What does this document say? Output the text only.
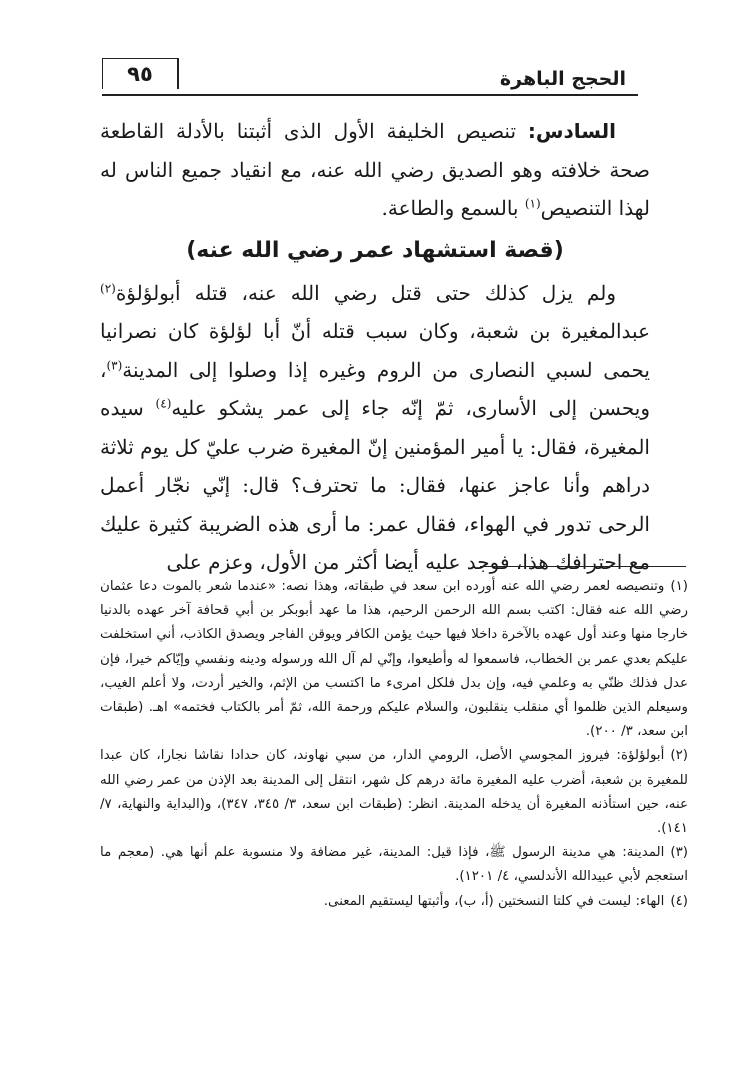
٩٥	الحجج الباهرة

السادس: تنصيص الخليفة الأول الذى أثبتنا بالأدلة القاطعة صحة خلافته وهو الصديق رضي الله عنه، مع انقياد جميع الناس له لهذا التنصيص$^{(١)}$ بالسمع والطاعة.

(قصة استشهاد عمر رضي الله عنه)

ولم يزل كذلك حتى قتل رضي الله عنه، قتله أبولؤلؤة$^{(٢)}$ عبدالمغيرة بن شعبة، وكان سبب قتله أنّ أبا لؤلؤة كان نصرانيا يحمى لسبي النصارى من الروم وغيره إذا وصلوا إلى المدينة$^{(٣)}$، ويحسن إلى الأسارى، ثمّ إنّه جاء إلى عمر يشكو عليه$^{(٤)}$ سيده المغيرة، فقال: يا أمير المؤمنين إنّ المغيرة ضرب عليّ كل يوم ثلاثة دراهم وأنا عاجز عنها، فقال: ما تحترف؟ قال: إنّي نجّار أعمل الرحى تدور في الهواء، فقال عمر: ما أرى هذه الضريبة كثيرة عليك مع احترافك هذا، فوجد عليه أيضا أكثر من الأول، وعزم على

(١)وتنصيصه لعمر رضي الله عنه أورده ابن سعد في طبقاته، وهذا نصه: «عندما شعر بالموت دعا عثمان رضي الله عنه فقال: اكتب بسم الله الرحمن الرحيم، هذا ما عهد أبوبكر بن أبي قحافة آخر عهده بالدنيا خارجا منها وعند أول عهده بالآخرة داخلا فيها حيث يؤمن الكافر ويوقن الفاجر ويصدق الكاذب، أني استخلفت عليكم بعدي عمر بن الخطاب، فاسمعوا له وأطيعوا، وإنّي لم آل الله ورسوله ودينه ونفسي وإيّاكم خيرا، فإن عدل فذلك ظنّي به وعلمي فيه، وإن بدل فلكل امرىء ما اكتسب من الإثم، والخير أردت، ولا أعلم الغيب، وسيعلم الذين ظلموا أي منقلب ينقلبون، والسلام عليكم ورحمة الله، ثمّ أمر بالكتاب فختمه» اهـ. (طبقات ابن سعد، ٣/ ٢٠٠).

(٢)أبولؤلؤة: فيروز المجوسي الأصل، الرومي الدار، من سبي نهاوند، كان حدادا نقاشا نجارا، كان عبدا للمغيرة بن شعبة، أضرب عليه المغيرة مائة درهم كل شهر، انتقل إلى المدينة بعد الإذن من عمر رضي الله عنه، حين استأذنه المغيرة أن يدخله المدينة. انظر: (طبقات ابن سعد، ٣/ ٣٤٥، ٣٤٧)، و(البداية والنهاية، ٧/ ١٤١).

(٣)المدينة: هي مدينة الرسول ﷺ، فإذا قيل: المدينة، غير مضافة ولا منسوبة علم أنها هي. (معجم ما استعجم لأبي عبيدالله الأندلسي، ٤/ ١٢٠١).

(٤)الهاء: ليست في كلتا النسختين (أ، ب)، وأثبتها ليستقيم المعنى.
